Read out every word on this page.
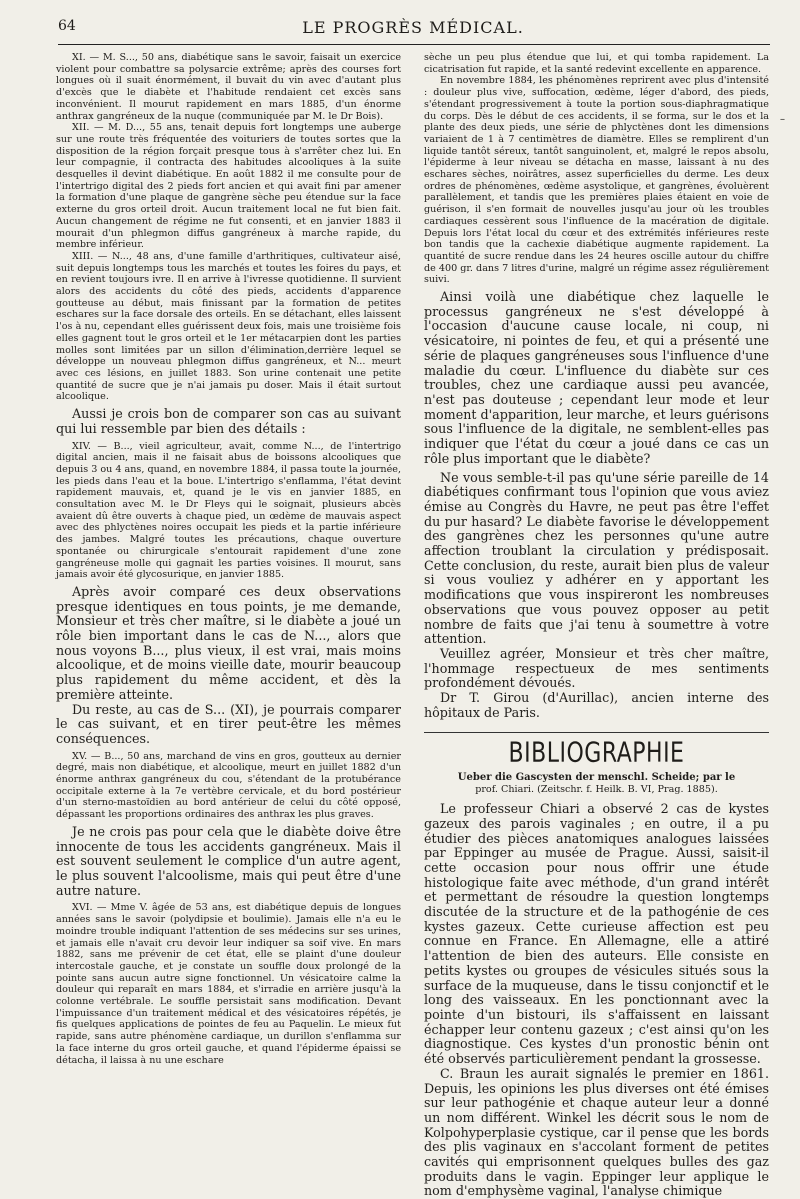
64	LE PROGRÈS MÉDICAL.
–

XI. — M. S..., 50 ans, diabétique sans le savoir, faisait un exercice violent pour combattre sa polysarcie extrême; après des courses fort longues où il suait énormément, il buvait du vin avec d'autant plus d'excès que le diabète et l'habitude rendaient cet excès sans inconvénient. Il mourut rapidement en mars 1885, d'un énorme anthrax gangréneux de la nuque (communiquée par M. le Dr Bois).

XII. — M. D..., 55 ans, tenait depuis fort longtemps une auberge sur une route très fréquentée des voituriers de toutes sortes que la disposition de la région forçait presque tous à s'arrêter chez lui. En leur compagnie, il contracta des habitudes alcooliques à la suite desquelles il devint diabétique. En août 1882 il me consulte pour de l'intertrigo digital des 2 pieds fort ancien et qui avait fini par amener la formation d'une plaque de gangrène sèche peu étendue sur la face externe du gros orteil droit. Aucun traitement local ne fut bien fait. Aucun changement de régime ne fut consenti, et en janvier 1883 il mourait d'un phlegmon diffus gangréneux à marche rapide, du membre inférieur.

XIII. — N..., 48 ans, d'une famille d'arthritiques, cultivateur aisé, suit depuis longtemps tous les marchés et toutes les foires du pays, et en revient toujours ivre. Il en arrive à l'ivresse quotidienne. Il survient alors des accidents du côté des pieds, accidents d'apparence goutteuse au début, mais finissant par la formation de petites eschares sur la face dorsale des orteils. En se détachant, elles laissent l'os à nu, cependant elles guérissent deux fois, mais une troisième fois elles gagnent tout le gros orteil et le 1er métacarpien dont les parties molles sont limitées par un sillon d'élimination,derrière lequel se développe un nouveau phlegmon diffus gangréneux, et N... meurt avec ces lésions, en juillet 1883. Son urine contenait une petite quantité de sucre que je n'ai jamais pu doser. Mais il était surtout alcoolique.

Aussi je crois bon de comparer son cas au suivant qui lui ressemble par bien des détails :

XIV. — B..., vieil agriculteur, avait, comme N..., de l'intertrigo digital ancien, mais il ne faisait abus de boissons alcooliques que depuis 3 ou 4 ans, quand, en novembre 1884, il passa toute la journée, les pieds dans l'eau et la boue. L'intertrigo s'enflamma, l'état devint rapidement mauvais, et, quand je le vis en janvier 1885, en consultation avec M. le Dr Fleys qui le soignait, plusieurs abcès avaient dû être ouverts à chaque pied, un œdème de mauvais aspect avec des phlyctènes noires occupait les pieds et la partie inférieure des jambes. Malgré toutes les précautions, chaque ouverture spontanée ou chirurgicale s'entourait rapidement d'une zone gangréneuse molle qui gagnait les parties voisines. Il mourut, sans jamais avoir été glycosurique, en janvier 1885.

Après avoir comparé ces deux observations presque identiques en tous points, je me demande, Monsieur et très cher maître, si le diabète a joué un rôle bien important dans le cas de N..., alors que nous voyons B..., plus vieux, il est vrai, mais moins alcoolique, et de moins vieille date, mourir beaucoup plus rapidement du même accident, et dès la première atteinte.

Du reste, au cas de S... (XI), je pourrais comparer le cas suivant, et en tirer peut-être les mêmes conséquences.

XV. — B..., 50 ans, marchand de vins en gros, goutteux au dernier degré, mais non diabétique, et alcoolique, meurt en juillet 1882 d'un énorme anthrax gangréneux du cou, s'étendant de la protubérance occipitale externe à la 7e vertèbre cervicale, et du bord postérieur d'un sterno-mastoïdien au bord antérieur de celui du côté opposé, dépassant les proportions ordinaires des anthrax les plus graves.

Je ne crois pas pour cela que le diabète doive être innocente de tous les accidents gangréneux. Mais il est souvent seulement le complice d'un autre agent, le plus souvent l'alcoolisme, mais qui peut être d'une autre nature.

XVI. — Mme V. âgée de 53 ans, est diabétique depuis de longues années sans le savoir (polydipsie et boulimie). Jamais elle n'a eu le moindre trouble indiquant l'attention de ses médecins sur ses urines, et jamais elle n'avait cru devoir leur indiquer sa soif vive. En mars 1882, sans me prévenir de cet état, elle se plaint d'une douleur intercostale gauche, et je constate un souffle doux prolongé de la pointe sans aucun autre signe fonctionnel. Un vésicatoire calme la douleur qui reparaît en mars 1884, et s'irradie en arrière jusqu'à la colonne vertébrale. Le souffle persistait sans modification. Devant l'impuissance d'un traitement médical et des vésicatoires répétés, je fis quelques applications de pointes de feu au Paquelin. Le mieux fut rapide, sans autre phénomène cardiaque, un durillon s'enflamma sur la face interne du gros orteil gauche, et quand l'épiderme épaissi se détacha, il laissa à nu une eschare

sèche un peu plus étendue que lui, et qui tomba rapidement. La cicatrisation fut rapide, et la santé redevint excellente en apparence.

En novembre 1884, les phénomènes reprirent avec plus d'intensité : douleur plus vive, suffocation, œdème, léger d'abord, des pieds, s'étendant progressivement à toute la portion sous-diaphragmatique du corps. Dès le début de ces accidents, il se forma, sur le dos et la plante des deux pieds, une série de phlyctènes dont les dimensions variaient de 1 à 7 centimètres de diamètre. Elles se remplirent d'un liquide tantôt séreux, tantôt sanguinolent, et, malgré le repos absolu, l'épiderme à leur niveau se détacha en masse, laissant à nu des eschares sèches, noirâtres, assez superficielles du derme. Les deux ordres de phénomènes, œdème asystolique, et gangrènes, évoluèrent parallèlement, et tandis que les premières plaies étaient en voie de guérison, il s'en formait de nouvelles jusqu'au jour où les troubles cardiaques cessèrent sous l'influence de la macération de digitale. Depuis lors l'état local du cœur et des extrémités inférieures reste bon tandis que la cachexie diabétique augmente rapidement. La quantité de sucre rendue dans les 24 heures oscille autour du chiffre de 400 gr. dans 7 litres d'urine, malgré un régime assez régulièrement suivi.

Ainsi voilà une diabétique chez laquelle le processus gangréneux ne s'est développé à l'occasion d'aucune cause locale, ni coup, ni vésicatoire, ni pointes de feu, et qui a présenté une série de plaques gangréneuses sous l'influence d'une maladie du cœur. L'influence du diabète sur ces troubles, chez une cardiaque aussi peu avancée, n'est pas douteuse ; cependant leur mode et leur moment d'apparition, leur marche, et leurs guérisons sous l'influence de la digitale, ne semblent-elles pas indiquer que l'état du cœur a joué dans ce cas un rôle plus important que le diabète?

Ne vous semble-t-il pas qu'une série pareille de 14 diabétiques confirmant tous l'opinion que vous aviez émise au Congrès du Havre, ne peut pas être l'effet du pur hasard? Le diabète favorise le développement des gangrènes chez les personnes qu'une autre affection troublant la circulation y prédisposait. Cette conclusion, du reste, aurait bien plus de valeur si vous vouliez y adhérer en y apportant les modifications que vous inspireront les nombreuses observations que vous pouvez opposer au petit nombre de faits que j'ai tenu à soumettre à votre attention.

Veuillez agréer, Monsieur et très cher maître, l'hommage respectueux de mes sentiments profondément dévoués.

Dr T. Girou (d'Aurillac), ancien interne des hôpitaux de Paris.

BIBLIOGRAPHIE

Ueber die Gascysten der menschl. Scheide; par le

prof. Chiari. (Zeitschr. f. Heilk. B. VI, Prag. 1885).

Le professeur Chiari a observé 2 cas de kystes gazeux des parois vaginales ; en outre, il a pu étudier des pièces anatomiques analogues laissées par Eppinger au musée de Prague. Aussi, saisit-il cette occasion pour nous offrir une étude histologique faite avec méthode, d'un grand intérêt et permettant de résoudre la question longtemps discutée de la structure et de la pathogénie de ces kystes gazeux. Cette curieuse affection est peu connue en France. En Allemagne, elle a attiré l'attention de bien des auteurs. Elle consiste en petits kystes ou groupes de vésicules situés sous la surface de la muqueuse, dans le tissu conjonctif et le long des vaisseaux. En les ponctionnant avec la pointe d'un bistouri, ils s'affaissent en laissant échapper leur contenu gazeux ; c'est ainsi qu'on les diagnostique. Ces kystes d'un pronostic bénin ont été observés particulièrement pendant la grossesse.

C. Braun les aurait signalés le premier en 1861. Depuis, les opinions les plus diverses ont été émises sur leur pathogénie et chaque auteur leur a donné un nom différent. Winkel les décrit sous le nom de Kolpohyperplasie cystique, car il pense que les bords des plis vaginaux en s'accolant forment de petites cavités qui emprisonnent quelques bulles des gaz produits dans le vagin. Eppinger leur applique le nom d'emphysème vaginal, l'analyse chimique
